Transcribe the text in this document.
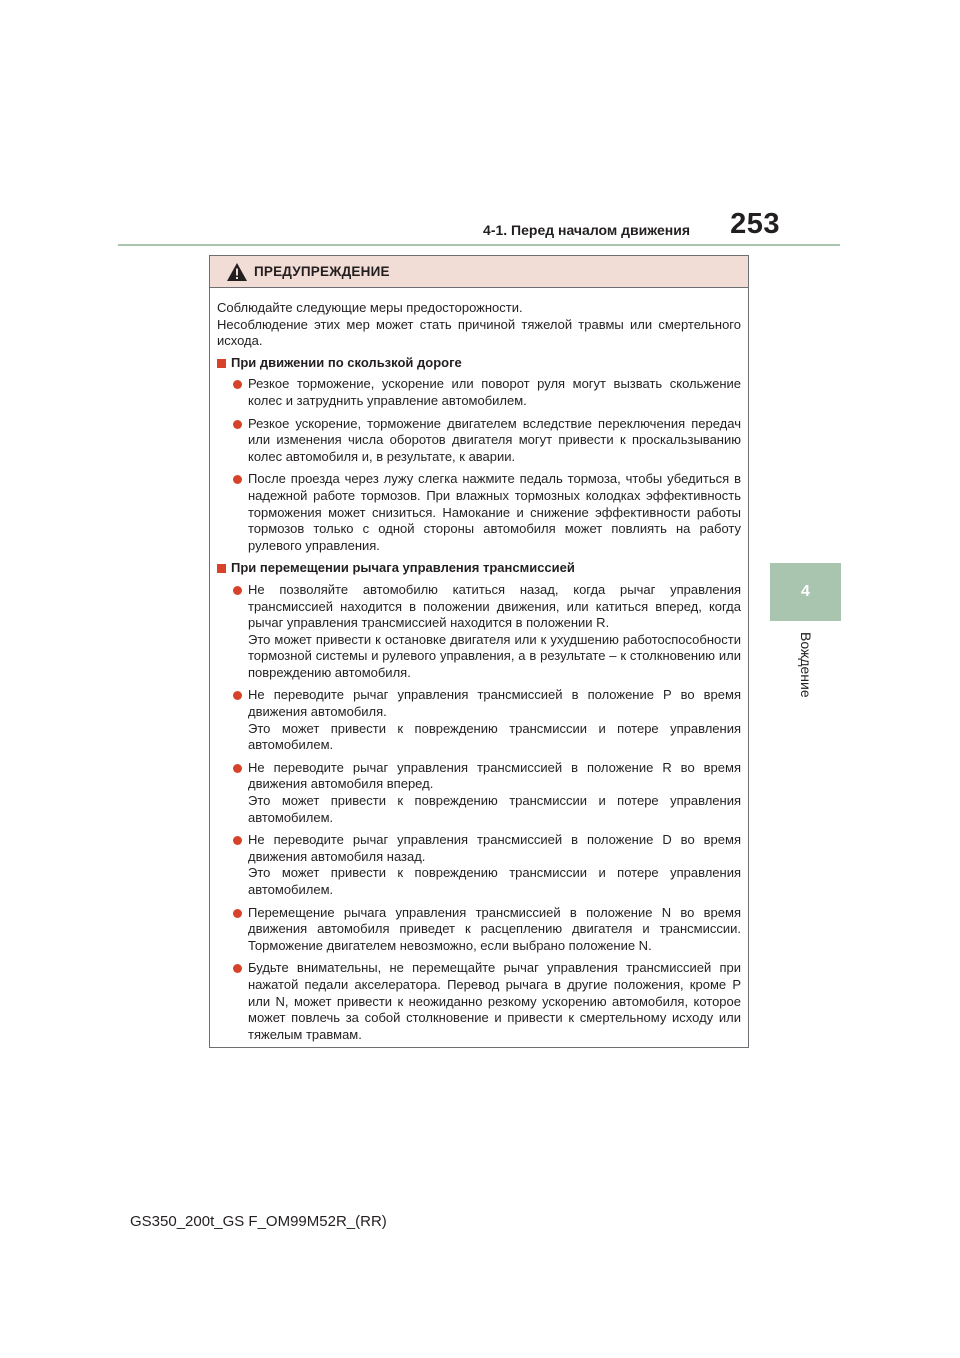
4-1. Перед началом движения	253
4
Вождение
ПРЕДУПРЕЖДЕНИЕ
Соблюдайте следующие меры предосторожности.
Несоблюдение этих мер может стать причиной тяжелой травмы или смертельного исхода.
При движении по скользкой дороге
Резкое торможение, ускорение или поворот руля могут вызвать скольжение колес и затруднить управление автомобилем.
Резкое ускорение, торможение двигателем вследствие переключения передач или изменения числа оборотов двигателя могут привести к проскальзыванию колес автомобиля и, в результате, к аварии.
После проезда через лужу слегка нажмите педаль тормоза, чтобы убедиться в надежной работе тормозов. При влажных тормозных колодках эффективность торможения может снизиться. Намокание и снижение эффективности работы тормозов только с одной стороны автомобиля может повлиять на работу рулевого управления.
При перемещении рычага управления трансмиссией
Не позволяйте автомобилю катиться назад, когда рычаг управления трансмиссией находится в положении движения, или катиться вперед, когда рычаг управления трансмиссией находится в положении R.
Это может привести к остановке двигателя или к ухудшению работоспособности тормозной системы и рулевого управления, а в результате – к столкновению или повреждению автомобиля.
Не переводите рычаг управления трансмиссией в положение P во время движения автомобиля.
Это может привести к повреждению трансмиссии и потере управления автомобилем.
Не переводите рычаг управления трансмиссией в положение R во время движения автомобиля вперед.
Это может привести к повреждению трансмиссии и потере управления автомобилем.
Не переводите рычаг управления трансмиссией в положение D во время движения автомобиля назад.
Это может привести к повреждению трансмиссии и потере управления автомобилем.
Перемещение рычага управления трансмиссией в положение N во время движения автомобиля приведет к расцеплению двигателя и трансмиссии. Торможение двигателем невозможно, если выбрано положение N.
Будьте внимательны, не перемещайте рычаг управления трансмиссией при нажатой педали акселератора. Перевод рычага в другие положения, кроме P или N, может привести к неожиданно резкому ускорению автомобиля, которое может повлечь за собой столкновение и привести к смертельному исходу или тяжелым травмам.
GS350_200t_GS F_OM99M52R_(RR)
